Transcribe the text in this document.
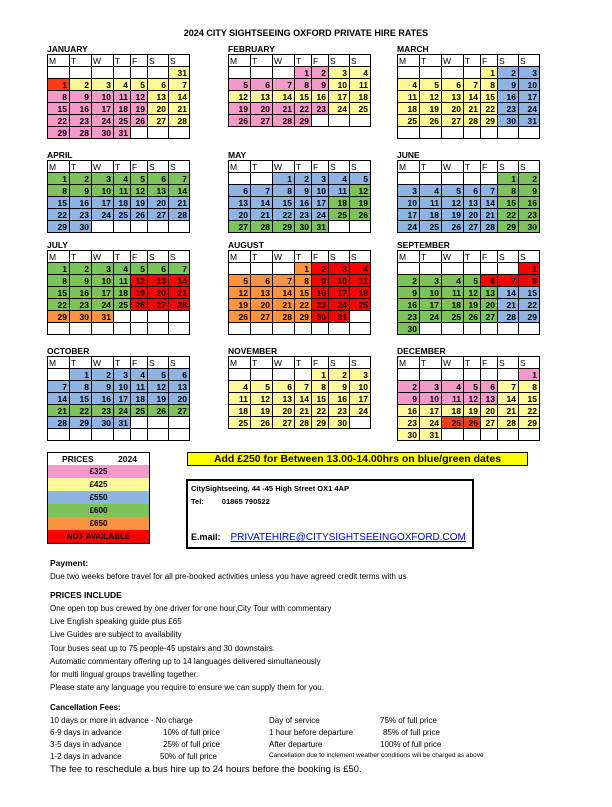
2024 CITY SIGHTSEEING OXFORD PRIVATE HIRE RATES
JANUARY
M	T	W	T	F	S	S
						31
1	2	3	4	5	6	7
8	9	10	11	12	13	14
15	16	17	18	19	20	21
22	23	24	25	26	27	28
29	28	30	31			
FEBRUARY
M	T	W	T	F	S	S
			1	2	3	4
5	6	7	8	9	10	11
12	13	14	15	16	17	18
19	20	21	22	23	24	25
26	27	28	29			
MARCH
M	T	W	T	F	S	S
				1	2	3
4	5	6	7	8	9	10
11	12	13	14	15	16	17
18	19	20	21	22	23	24
25	26	27	28	29	30	31

APRIL
M	T	W	T	F	S	S
1	2	3	4	5	6	7
8	9	10	11	12	13	14
15	16	17	18	19	20	21
22	23	24	25	26	27	28
29	30					
MAY
M	T	W	T	F	S	S
		1	2	3	4	5
6	7	8	9	10	11	12
13	14	15	16	17	18	19
20	21	22	23	24	25	26
27	28	29	30	31		
JUNE
M	T	W	T	F	S	S
					1	2
3	4	5	6	7	8	9
10	11	12	13	14	15	16
17	18	19	20	21	22	23
24	25	26	27	28	29	30
JULY
M	T	W	T	F	S	S
1	2	3	4	5	6	7
8	9	10	11	12	13	14
15	16	17	18	19	20	21
22	23	24	25	26	27	28
29	30	31				

AUGUST
M	T	W	T	F	S	S
			1	2	3	4
5	6	7	8	9	10	11
12	13	14	15	16	17	18
19	20	21	22	23	24	25
26	27	28	29	30	31	

SEPTEMBER
M	T	W	T	F	S	S
						1
2	3	4	5	6	7	8
9	10	11	12	13	14	15
16	17	18	19	20	21	22
23	24	25	26	27	28	29
30						
OCTOBER
M	T	W	T	F	S	S
	1	2	3	4	5	6
7	8	9	10	11	12	13
14	15	16	17	18	19	20
21	22	23	24	25	26	27
28	29	30	31			

NOVEMBER
M	T	W	T	F	S	S
				1	2	3
4	5	6	7	8	9	10
11	12	13	14	15	16	17
18	19	20	21	22	23	24
25	26	27	28	29	30	
DECEMBER
M	T	W	T	F	S	S
						1
2	3	4	5	6	7	8
9	10	11	12	13	14	15
16	17	18	19	20	21	22
23	24	25	26	27	28	29
30	31					
PRICES	2024
£325
£425
£550
£600
£650
NOT AVAILABLE
Add £250 for Between 13.00-14.00hrs on blue/green dates
CitySightseeing, 44 -45 High Street OX1 4AP
Tel: 01865 790522
E.mail: PRIVATEHIRE@CITYSIGHTSEEINGOXFORD.COM
Payment:
Due two weeks before travel for all pre-booked activities unless you have agreed credit terms with us
PRICES INCLUDE
One open top bus crewed by one driver for one hour,City Tour with commentary
Live English speaking guide plus £65
Live Guides are subject to availability
Tour buses seat up to 75 people-45 upstairs and 30 downstairs.
Automatic commentary offering up to 14 languages delivered simultaneously
for multi lingual groups travelling together.
Please state any language you require to ensure we can supply them for you.
Cancellation Fees:
10 days or more in advance - No charge
6-9 days in advance	10% of full price
3-5 days in advance	25% of full price
1-2 days in advance	50% of full price
Day of service	75% of full price
1 hour before departure	85% of full price
After departure	100% of full price
Cancellation due to inclement weather conditions will be charged as above
The fee to reschedule a bus hire up to 24 hours before the booking is £50.
